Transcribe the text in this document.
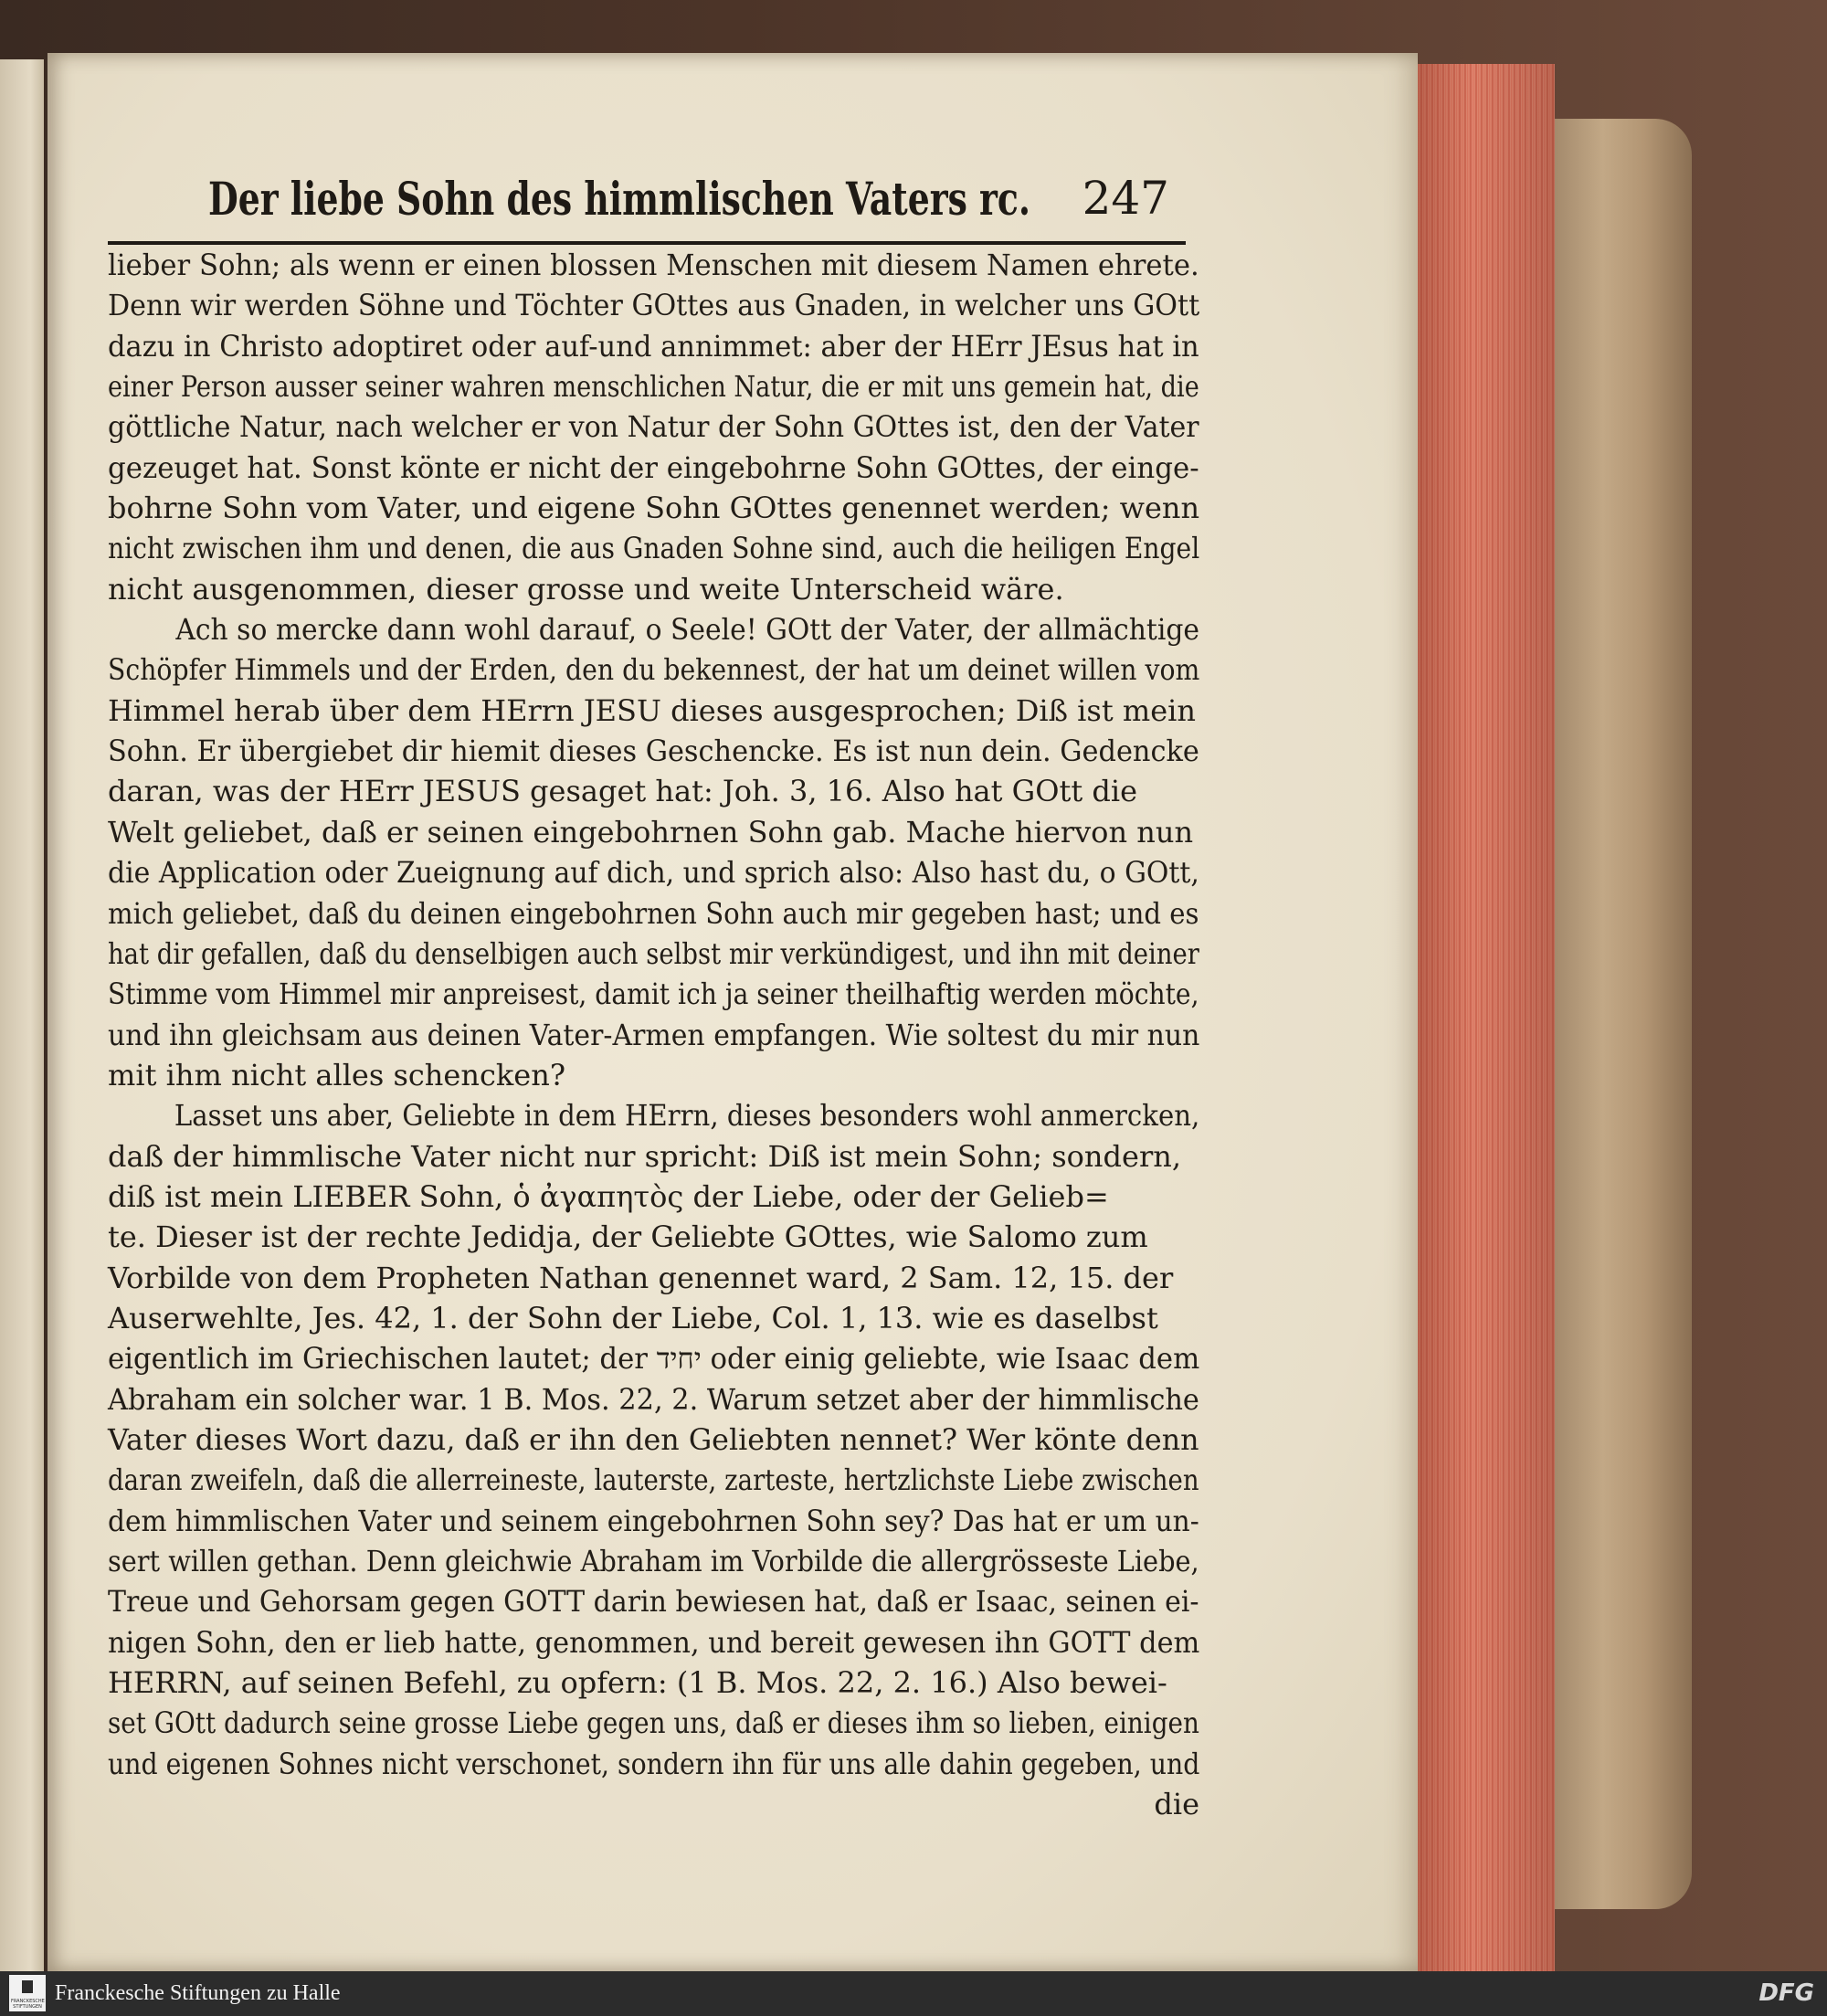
Der liebe Sohn des himmlischen Vaters rc. 247
lieber Sohn; als wenn er einen blossen Menschen mit diesem Namen ehrete.
Denn wir werden Söhne und Töchter GOttes aus Gnaden, in welcher uns GOtt
dazu in Christo adoptiret oder auf-und annimmet: aber der HErr JEsus hat in
einer Person ausser seiner wahren menschlichen Natur, die er mit uns gemein hat, die
göttliche Natur, nach welcher er von Natur der Sohn GOttes ist, den der Vater
gezeuget hat. Sonst könte er nicht der eingebohrne Sohn GOttes, der einge-
bohrne Sohn vom Vater, und eigene Sohn GOttes genennet werden; wenn
nicht zwischen ihm und denen, die aus Gnaden Sohne sind, auch die heiligen Engel
nicht ausgenommen, dieser grosse und weite Unterscheid wäre.
Ach so mercke dann wohl darauf, o Seele! GOtt der Vater, der allmächtige
Schöpfer Himmels und der Erden, den du bekennest, der hat um deinet willen vom
Himmel herab über dem HErrn JESU dieses ausgesprochen; Diß ist mein
Sohn. Er übergiebet dir hiemit dieses Geschencke. Es ist nun dein. Gedencke
daran, was der HErr JESUS gesaget hat: Joh. 3, 16. Also hat GOtt die
Welt geliebet, daß er seinen eingebohrnen Sohn gab. Mache hiervon nun
die Application oder Zueignung auf dich, und sprich also: Also hast du, o GOtt,
mich geliebet, daß du deinen eingebohrnen Sohn auch mir gegeben hast; und es
hat dir gefallen, daß du denselbigen auch selbst mir verkündigest, und ihn mit deiner
Stimme vom Himmel mir anpreisest, damit ich ja seiner theilhaftig werden möchte,
und ihn gleichsam aus deinen Vater-Armen empfangen. Wie soltest du mir nun
mit ihm nicht alles schencken?
Lasset uns aber, Geliebte in dem HErrn, dieses besonders wohl anmercken,
daß der himmlische Vater nicht nur spricht: Diß ist mein Sohn; sondern,
diß ist mein LIEBER Sohn, ὁ ἀγαπητὸς der Liebe, oder der Gelieb=
te. Dieser ist der rechte Jedidja, der Geliebte GOttes, wie Salomo zum
Vorbilde von dem Propheten Nathan genennet ward, 2 Sam. 12, 15. der
Auserwehlte, Jes. 42, 1. der Sohn der Liebe, Col. 1, 13. wie es daselbst
eigentlich im Griechischen lautet; der יחיד oder einig geliebte, wie Isaac dem
Abraham ein solcher war. 1 B. Mos. 22, 2. Warum setzet aber der himmlische
Vater dieses Wort dazu, daß er ihn den Geliebten nennet? Wer könte denn
daran zweifeln, daß die allerreineste, lauterste, zarteste, hertzlichste Liebe zwischen
dem himmlischen Vater und seinem eingebohrnen Sohn sey? Das hat er um un-
sert willen gethan. Denn gleichwie Abraham im Vorbilde die allergrösseste Liebe,
Treue und Gehorsam gegen GOTT darin bewiesen hat, daß er Isaac, seinen ei-
nigen Sohn, den er lieb hatte, genommen, und bereit gewesen ihn GOTT dem
HERRN, auf seinen Befehl, zu opfern: (1 B. Mos. 22, 2. 16.) Also bewei-
set GOtt dadurch seine grosse Liebe gegen uns, daß er dieses ihm so lieben, einigen
und eigenen Sohnes nicht verschonet, sondern ihn für uns alle dahin gegeben, und
die
FRANCKESCHE STIFTUNGEN
Franckesche Stiftungen zu Halle	DFG
